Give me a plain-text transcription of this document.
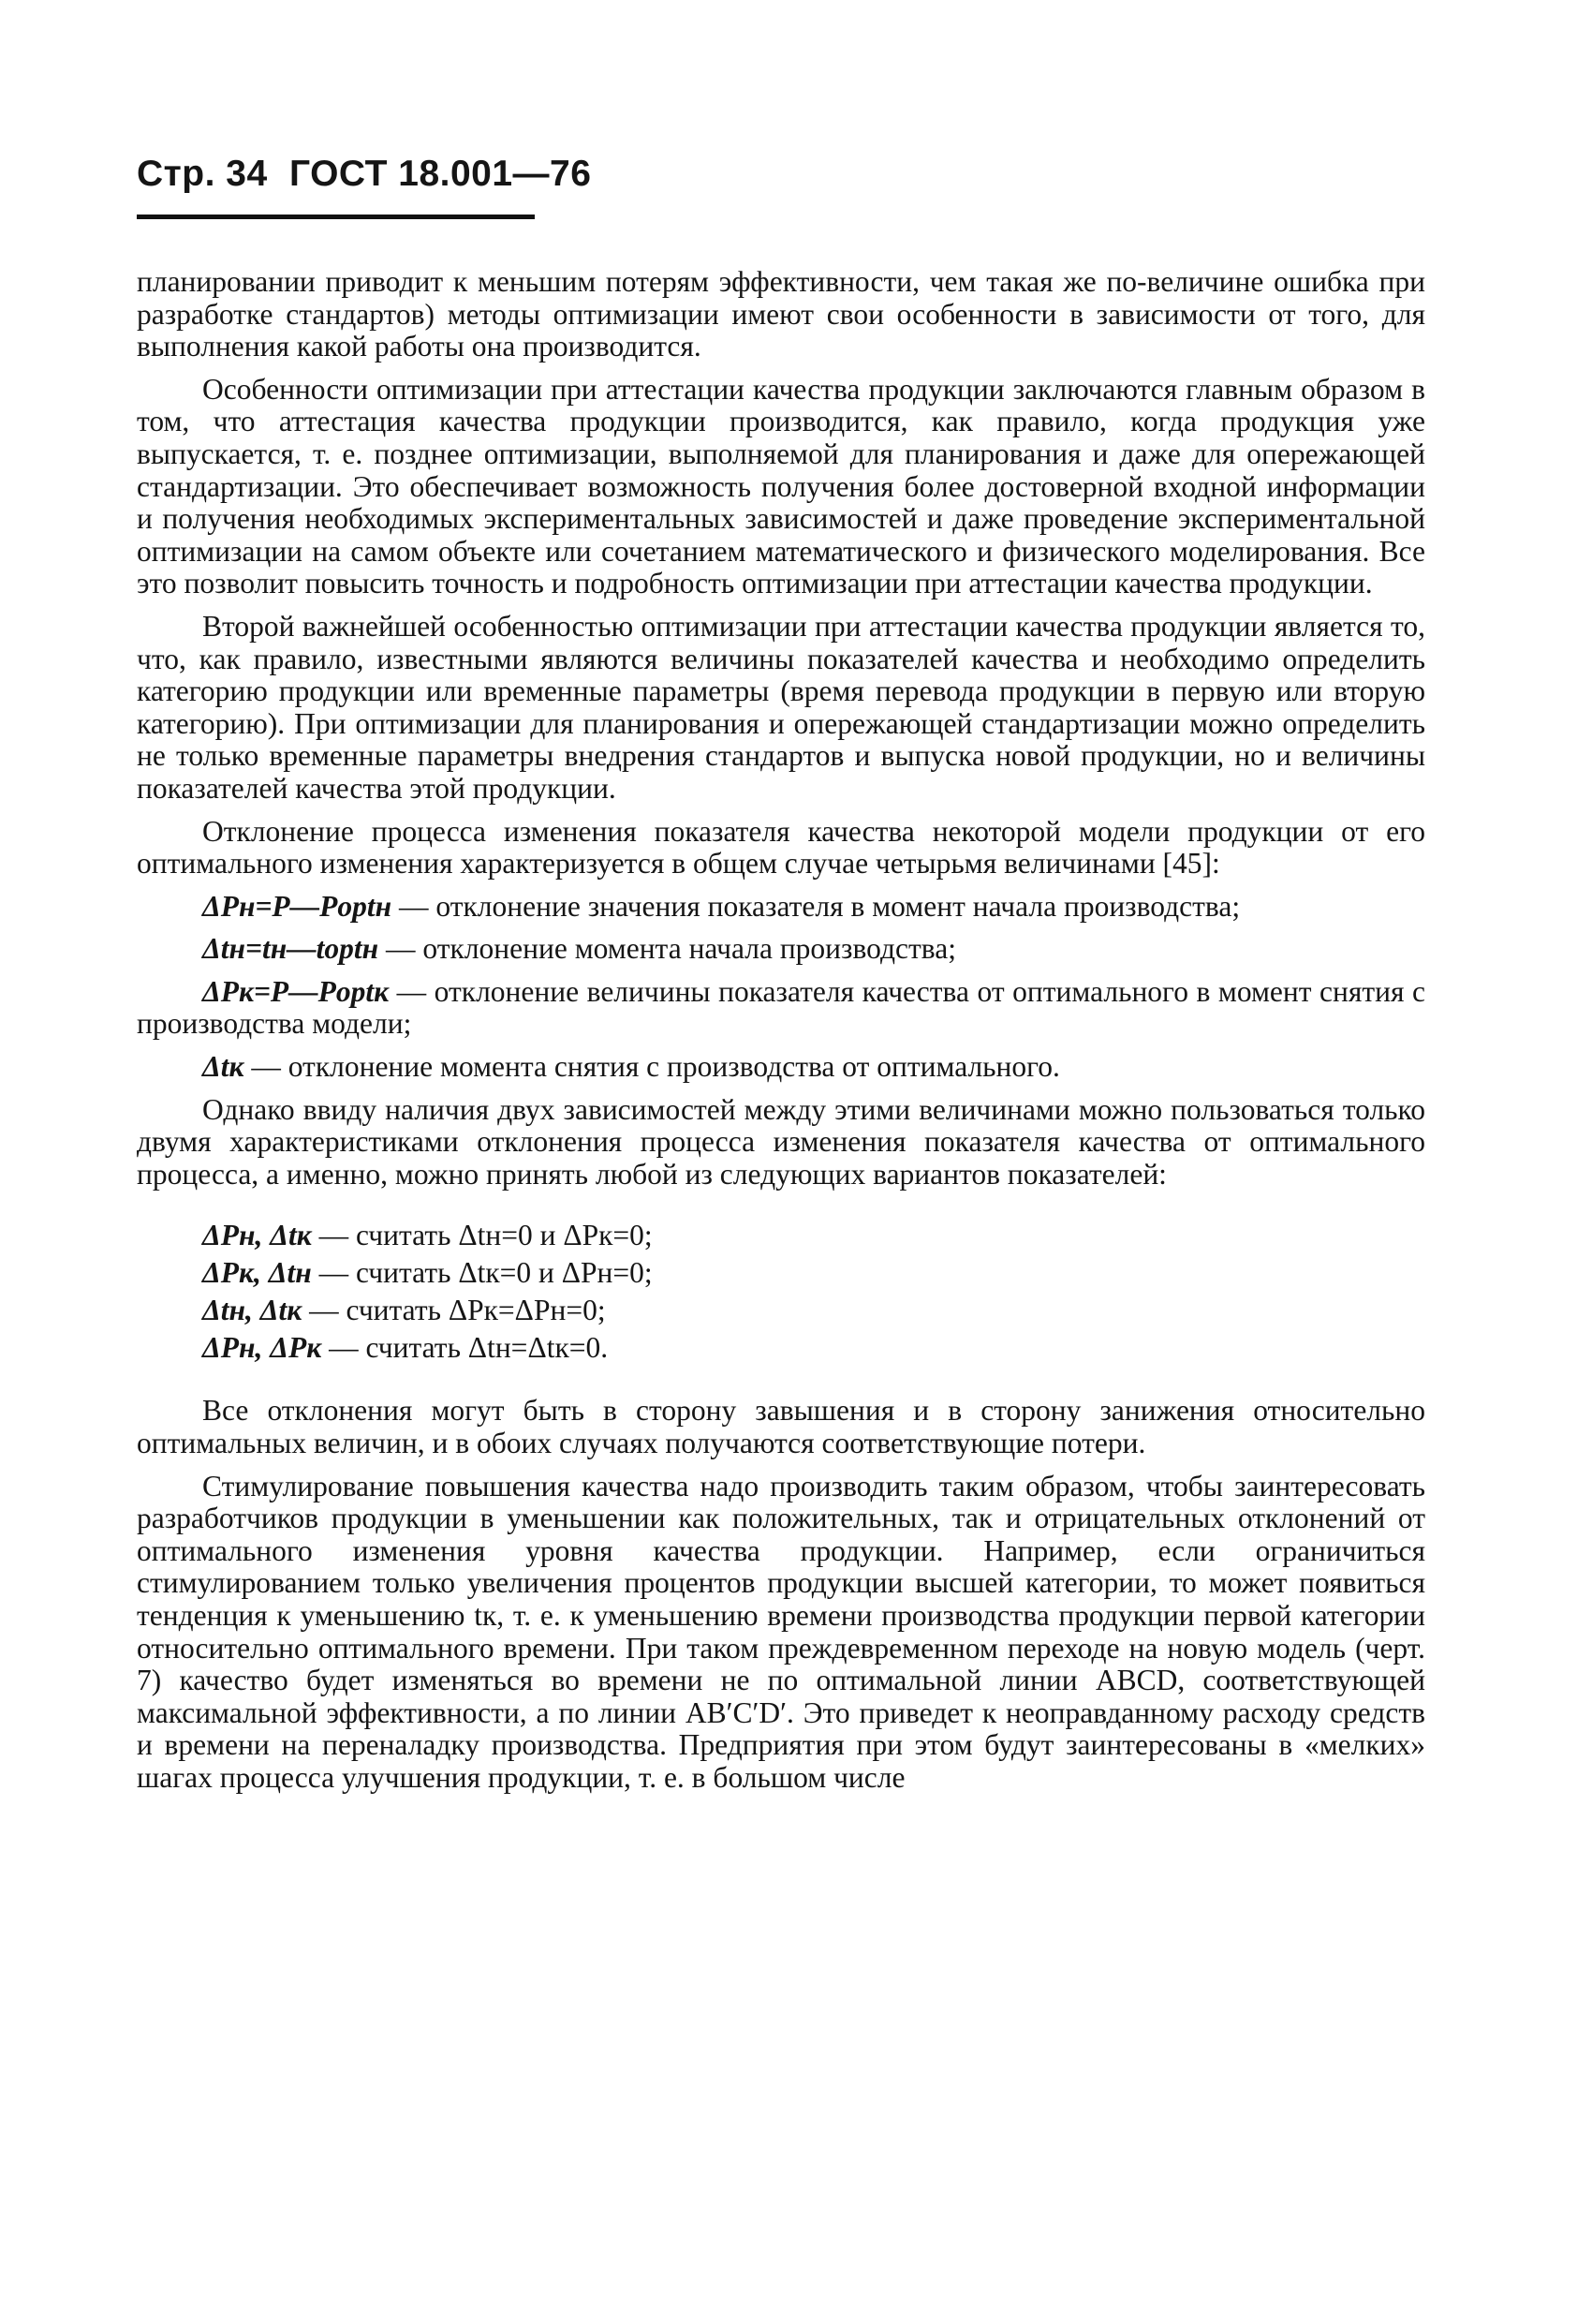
Стр. 34 ГОСТ 18.001—76

планировании приводит к меньшим потерям эффективности, чем такая же по-величине ошибка при разработке стандартов) методы оптимизации имеют свои особенности в зависимости от того, для выполнения какой работы она производится.

Особенности оптимизации при аттестации качества продукции заключаются главным образом в том, что аттестация качества продукции производится, как правило, когда продукция уже выпускается, т. е. позднее оптимизации, выполняемой для планирования и даже для опережающей стандартизации. Это обеспечивает возможность получения более достоверной входной информации и получения необходимых экспериментальных зависимостей и даже проведение экспериментальной оптимизации на самом объекте или сочетанием математического и физического моделирования. Все это позволит повысить точность и подробность оптимизации при аттестации качества продукции.

Второй важнейшей особенностью оптимизации при аттестации качества продукции является то, что, как правило, известными являются величины показателей качества и необходимо определить категорию продукции или временные параметры (время перевода продукции в первую или вторую категорию). При оптимизации для планирования и опережающей стандартизации можно определить не только временные параметры внедрения стандартов и выпуска новой продукции, но и величины показателей качества этой продукции.

Отклонение процесса изменения показателя качества некоторой модели продукции от его оптимального изменения характеризуется в общем случае четырьмя величинами [45]:

ΔPн=P—Poptн — отклонение значения показателя в момент начала производства;

Δtн=tн—toptн — отклонение момента начала производства;

ΔPк=P—Poptк — отклонение величины показателя качества от оптимального в момент снятия с производства модели;

Δtк — отклонение момента снятия с производства от оптимального.

Однако ввиду наличия двух зависимостей между этими величинами можно пользоваться только двумя характеристиками отклонения процесса изменения показателя качества от оптимального процесса, а именно, можно принять любой из следующих вариантов показателей:

ΔPн, Δtк — считать Δtн=0 и ΔPк=0;
ΔPк, Δtн — считать Δtк=0 и ΔPн=0;
Δtн, Δtк — считать ΔPк=ΔPн=0;
ΔPн, ΔPк — считать Δtн=Δtк=0.

Все отклонения могут быть в сторону завышения и в сторону занижения относительно оптимальных величин, и в обоих случаях получаются соответствующие потери.

Стимулирование повышения качества надо производить таким образом, чтобы заинтересовать разработчиков продукции в уменьшении как положительных, так и отрицательных отклонений от оптимального изменения уровня качества продукции. Например, если ограничиться стимулированием только увеличения процентов продукции высшей категории, то может появиться тенденция к уменьшению tк, т. е. к уменьшению времени производства продукции первой категории относительно оптимального времени. При таком преждевременном переходе на новую модель (черт. 7) качество будет изменяться во времени не по оптимальной линии ABCD, соответствующей максимальной эффективности, а по линии AB′C′D′. Это приведет к неоправданному расходу средств и времени на переналадку производства. Предприятия при этом будут заинтересованы в «мелких» шагах процесса улучшения продукции, т. е. в большом числе
